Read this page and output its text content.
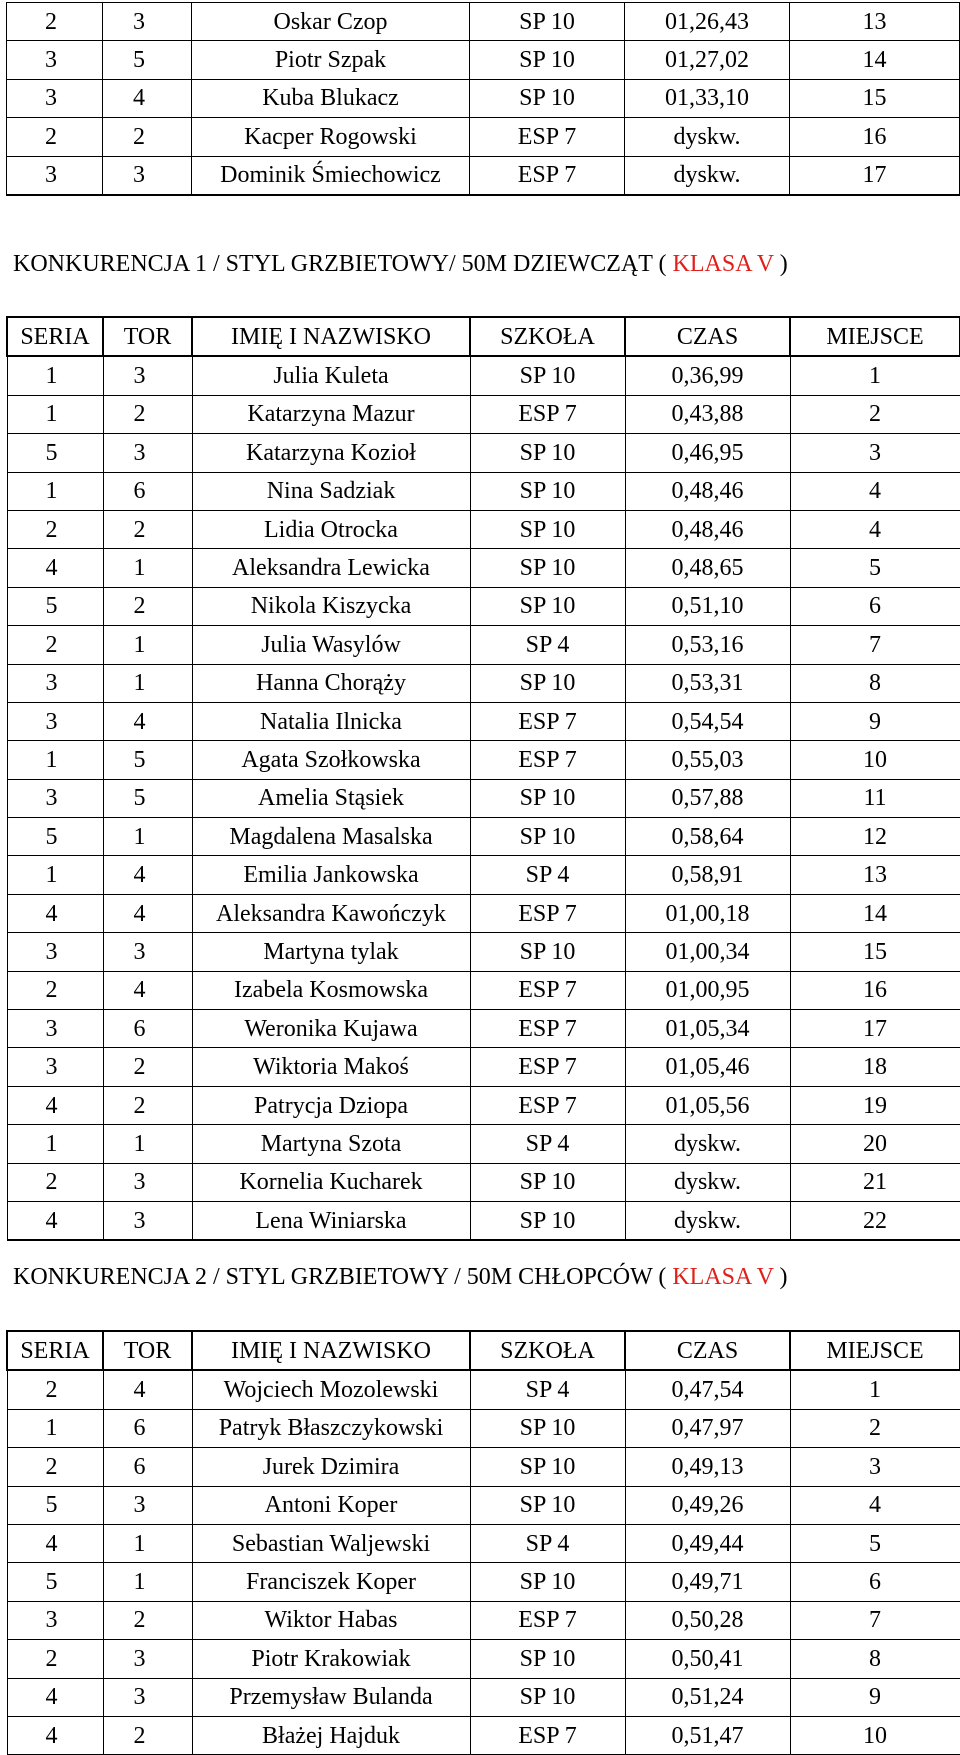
2	3	Oskar Czop	SP 10	01,26,43	13
3	5	Piotr Szpak	SP 10	01,27,02	14
3	4	Kuba Blukacz	SP 10	01,33,10	15
2	2	Kacper Rogowski	ESP 7	dyskw.	16
3	3	Dominik Śmiechowicz	ESP 7	dyskw.	17
KONKURENCJA 1 / STYL GRZBIETOWY/ 50M DZIEWCZĄT ( KLASA V )
SERIA	TOR	IMIĘ I NAZWISKO	SZKOŁA	CZAS	MIEJSCE
1	3	Julia Kuleta	SP 10	0,36,99	1
1	2	Katarzyna Mazur	ESP 7	0,43,88	2
5	3	Katarzyna Kozioł	SP 10	0,46,95	3
1	6	Nina Sadziak	SP 10	0,48,46	4
2	2	Lidia Otrocka	SP 10	0,48,46	4
4	1	Aleksandra Lewicka	SP 10	0,48,65	5
5	2	Nikola Kiszycka	SP 10	0,51,10	6
2	1	Julia Wasylów	SP 4	0,53,16	7
3	1	Hanna Chorąży	SP 10	0,53,31	8
3	4	Natalia Ilnicka	ESP 7	0,54,54	9
1	5	Agata Szołkowska	ESP 7	0,55,03	10
3	5	Amelia Stąsiek	SP 10	0,57,88	11
5	1	Magdalena Masalska	SP 10	0,58,64	12
1	4	Emilia Jankowska	SP 4	0,58,91	13
4	4	Aleksandra Kawończyk	ESP 7	01,00,18	14
3	3	Martyna tylak	SP 10	01,00,34	15
2	4	Izabela Kosmowska	ESP 7	01,00,95	16
3	6	Weronika Kujawa	ESP 7	01,05,34	17
3	2	Wiktoria Makoś	ESP 7	01,05,46	18
4	2	Patrycja Dziopa	ESP 7	01,05,56	19
1	1	Martyna Szota	SP 4	dyskw.	20
2	3	Kornelia Kucharek	SP 10	dyskw.	21
4	3	Lena Winiarska	SP 10	dyskw.	22
KONKURENCJA 2 / STYL GRZBIETOWY / 50M CHŁOPCÓW ( KLASA V )
SERIA	TOR	IMIĘ I NAZWISKO	SZKOŁA	CZAS	MIEJSCE
2	4	Wojciech Mozolewski	SP 4	0,47,54	1
1	6	Patryk Błaszczykowski	SP 10	0,47,97	2
2	6	Jurek Dzimira	SP 10	0,49,13	3
5	3	Antoni Koper	SP 10	0,49,26	4
4	1	Sebastian Waljewski	SP 4	0,49,44	5
5	1	Franciszek Koper	SP 10	0,49,71	6
3	2	Wiktor Habas	ESP 7	0,50,28	7
2	3	Piotr Krakowiak	SP 10	0,50,41	8
4	3	Przemysław Bulanda	SP 10	0,51,24	9
4	2	Błażej Hajduk	ESP 7	0,51,47	10
